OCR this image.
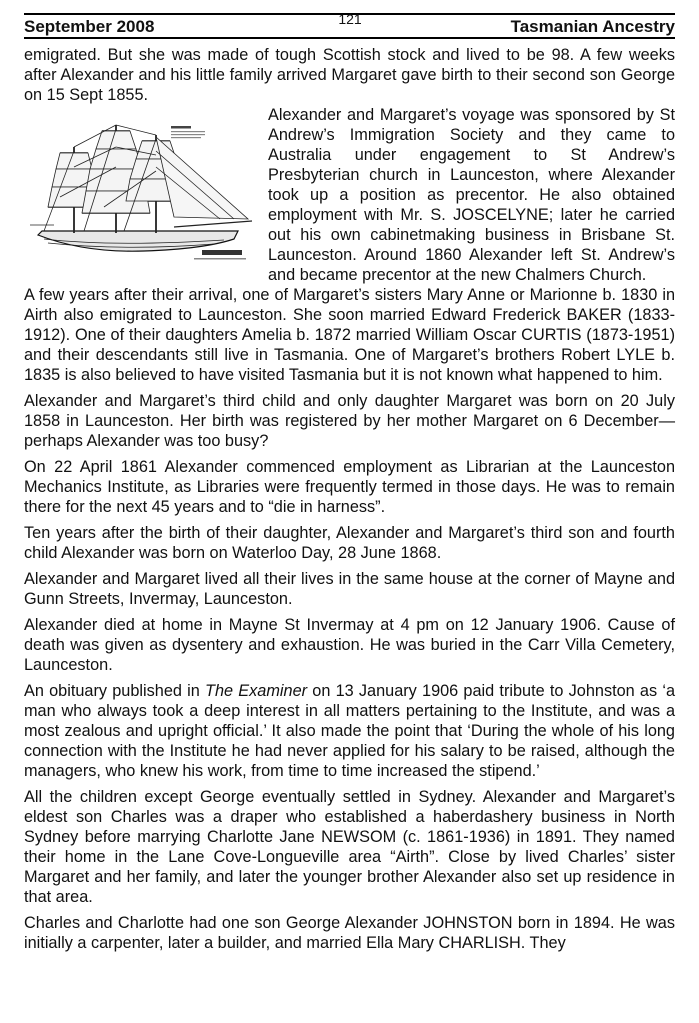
September 2008	121	Tasmanian Ancestry

emigrated. But she was made of tough Scottish stock and lived to be 98. A few weeks after Alexander and his little family arrived Margaret gave birth to their second son George on 15 Sept 1855.

Alexander and Margaret’s voyage was sponsored by St Andrew’s Immigration Society and they came to Australia under engagement to St Andrew’s Presbyterian church in Launceston, where Alexander took up a position as precentor. He also obtained employment with Mr. S. JOSCELYNE; later he carried out his own cabinetmaking business in Brisbane St. Launceston. Around 1860 Alexander left St. Andrew’s and became precentor at the new Chalmers Church.

A few years after their arrival, one of Margaret’s sisters Mary Anne or Marionne b. 1830 in Airth also emigrated to Launceston. She soon married Edward Frederick BAKER (1833-1912). One of their daughters Amelia b. 1872 married William Oscar CURTIS (1873-1951) and their descendants still live in Tasmania. One of Margaret’s brothers Robert LYLE b. 1835 is also believed to have visited Tasmania but it is not known what happened to him.

Alexander and Margaret’s third child and only daughter Margaret was born on 20 July 1858 in Launceston. Her birth was registered by her mother Margaret on 6 December—perhaps Alexander was too busy?

On 22 April 1861 Alexander commenced employment as Librarian at the Launceston Mechanics Institute, as Libraries were frequently termed in those days. He was to remain there for the next 45 years and to “die in harness”.

Ten years after the birth of their daughter, Alexander and Margaret’s third son and fourth child Alexander was born on Waterloo Day, 28 June 1868.

Alexander and Margaret lived all their lives in the same house at the corner of Mayne and Gunn Streets, Invermay, Launceston.

Alexander died at home in Mayne St Invermay at 4 pm on 12 January 1906. Cause of death was given as dysentery and exhaustion. He was buried in the Carr Villa Cemetery, Launceston.

An obituary published in The Examiner on 13 January 1906 paid tribute to Johnston as ‘a man who always took a deep interest in all matters pertaining to the Institute, and was a most zealous and upright official.’ It also made the point that ‘During the whole of his long connection with the Institute he had never applied for his salary to be raised, although the managers, who knew his work, from time to time increased the stipend.’

All the children except George eventually settled in Sydney. Alexander and Margaret’s eldest son Charles was a draper who established a haberdashery business in North Sydney before marrying Charlotte Jane NEWSOM (c. 1861-1936) in 1891. They named their home in the Lane Cove-Longueville area “Airth”. Close by lived Charles’ sister Margaret and her family, and later the younger brother Alexander also set up residence in that area.

Charles and Charlotte had one son George Alexander JOHNSTON born in 1894. He was initially a carpenter, later a builder, and married Ella Mary CHARLISH. They
